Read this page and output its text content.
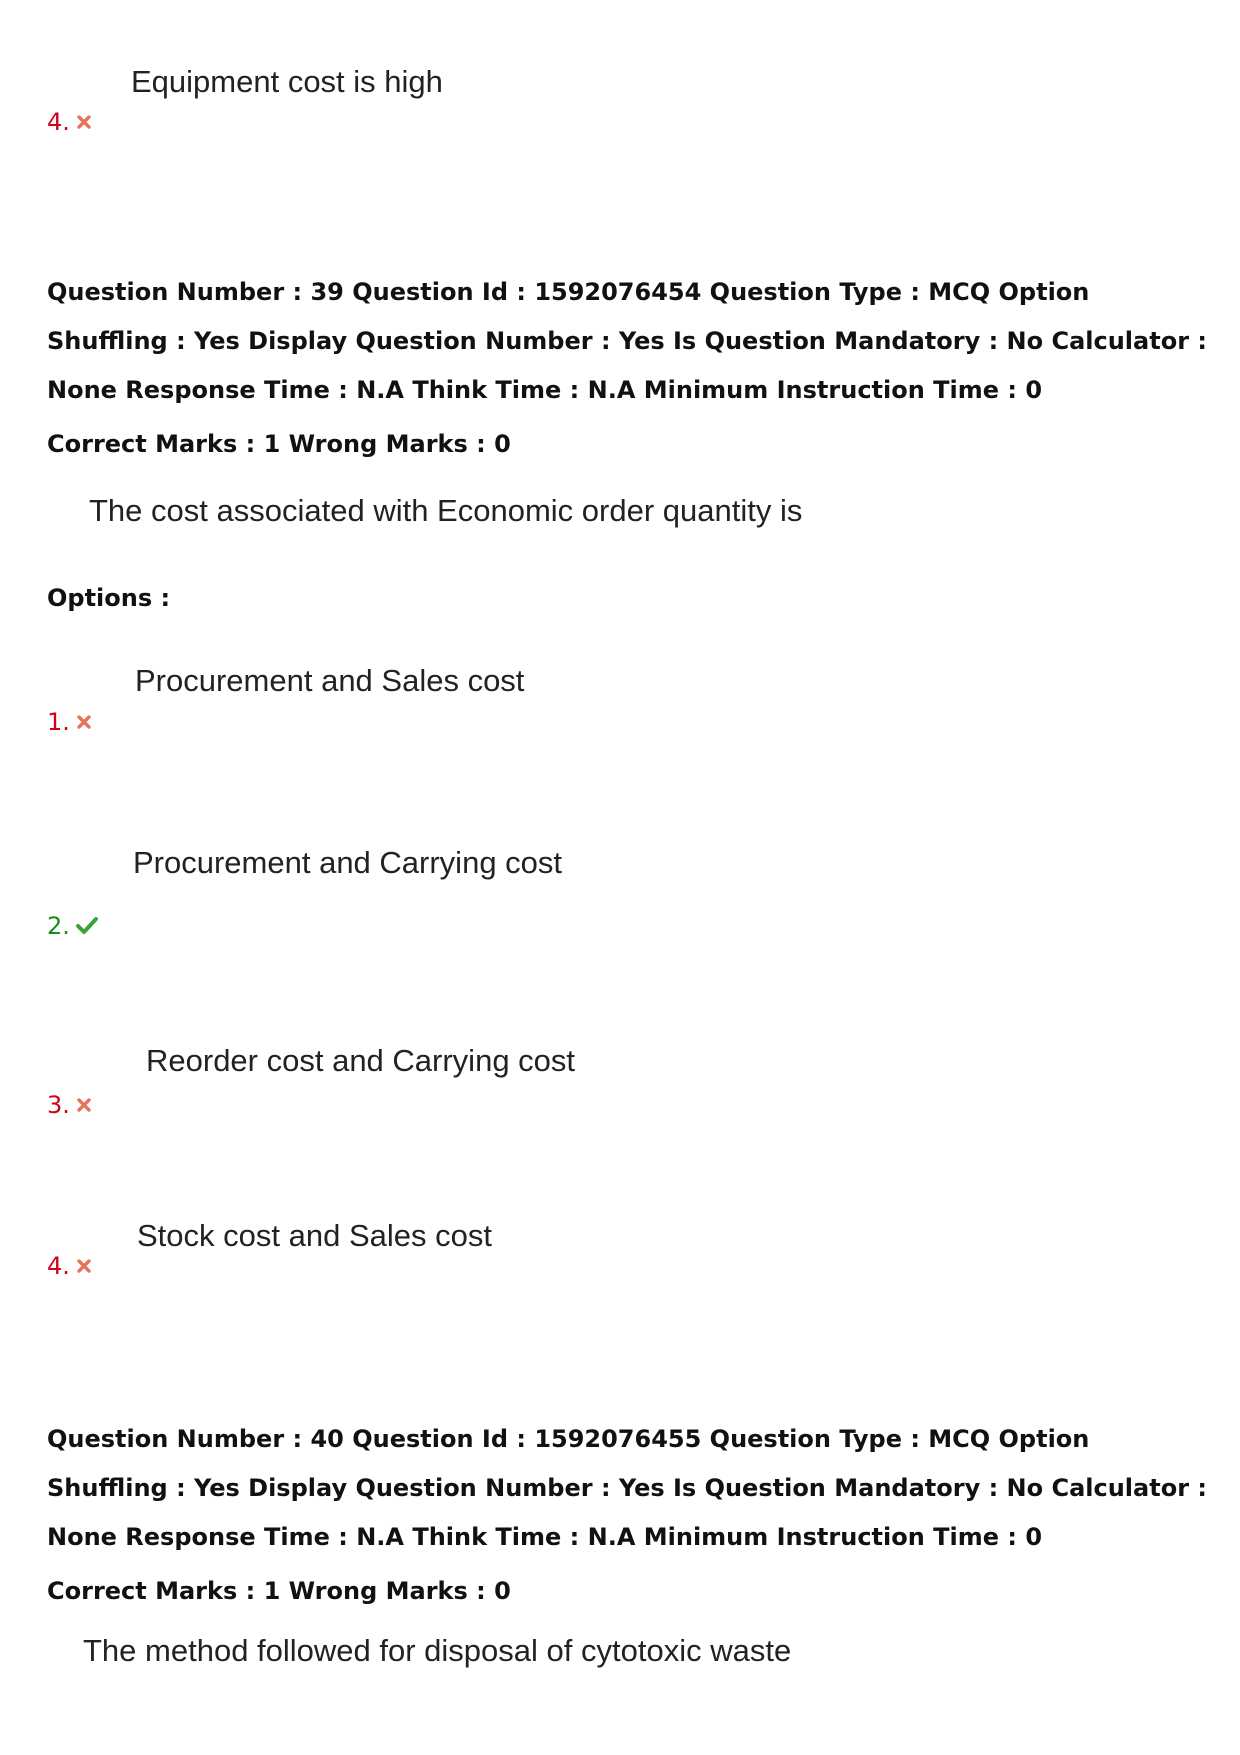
Equipment cost is high
4.
Question Number : 39 Question Id : 1592076454 Question Type : MCQ Option Shuffling : Yes Display Question Number : Yes Is Question Mandatory : No Calculator : None Response Time : N.A Think Time : N.A Minimum Instruction Time : 0
Correct Marks : 1 Wrong Marks : 0
The cost associated with Economic order quantity is
Options :
Procurement and Sales cost
1.
Procurement and Carrying cost
2.
Reorder cost and Carrying cost
3.
Stock cost and Sales cost
4.
Question Number : 40 Question Id : 1592076455 Question Type : MCQ Option Shuffling : Yes Display Question Number : Yes Is Question Mandatory : No Calculator : None Response Time : N.A Think Time : N.A Minimum Instruction Time : 0
Correct Marks : 1 Wrong Marks : 0
The method followed for disposal of cytotoxic waste
